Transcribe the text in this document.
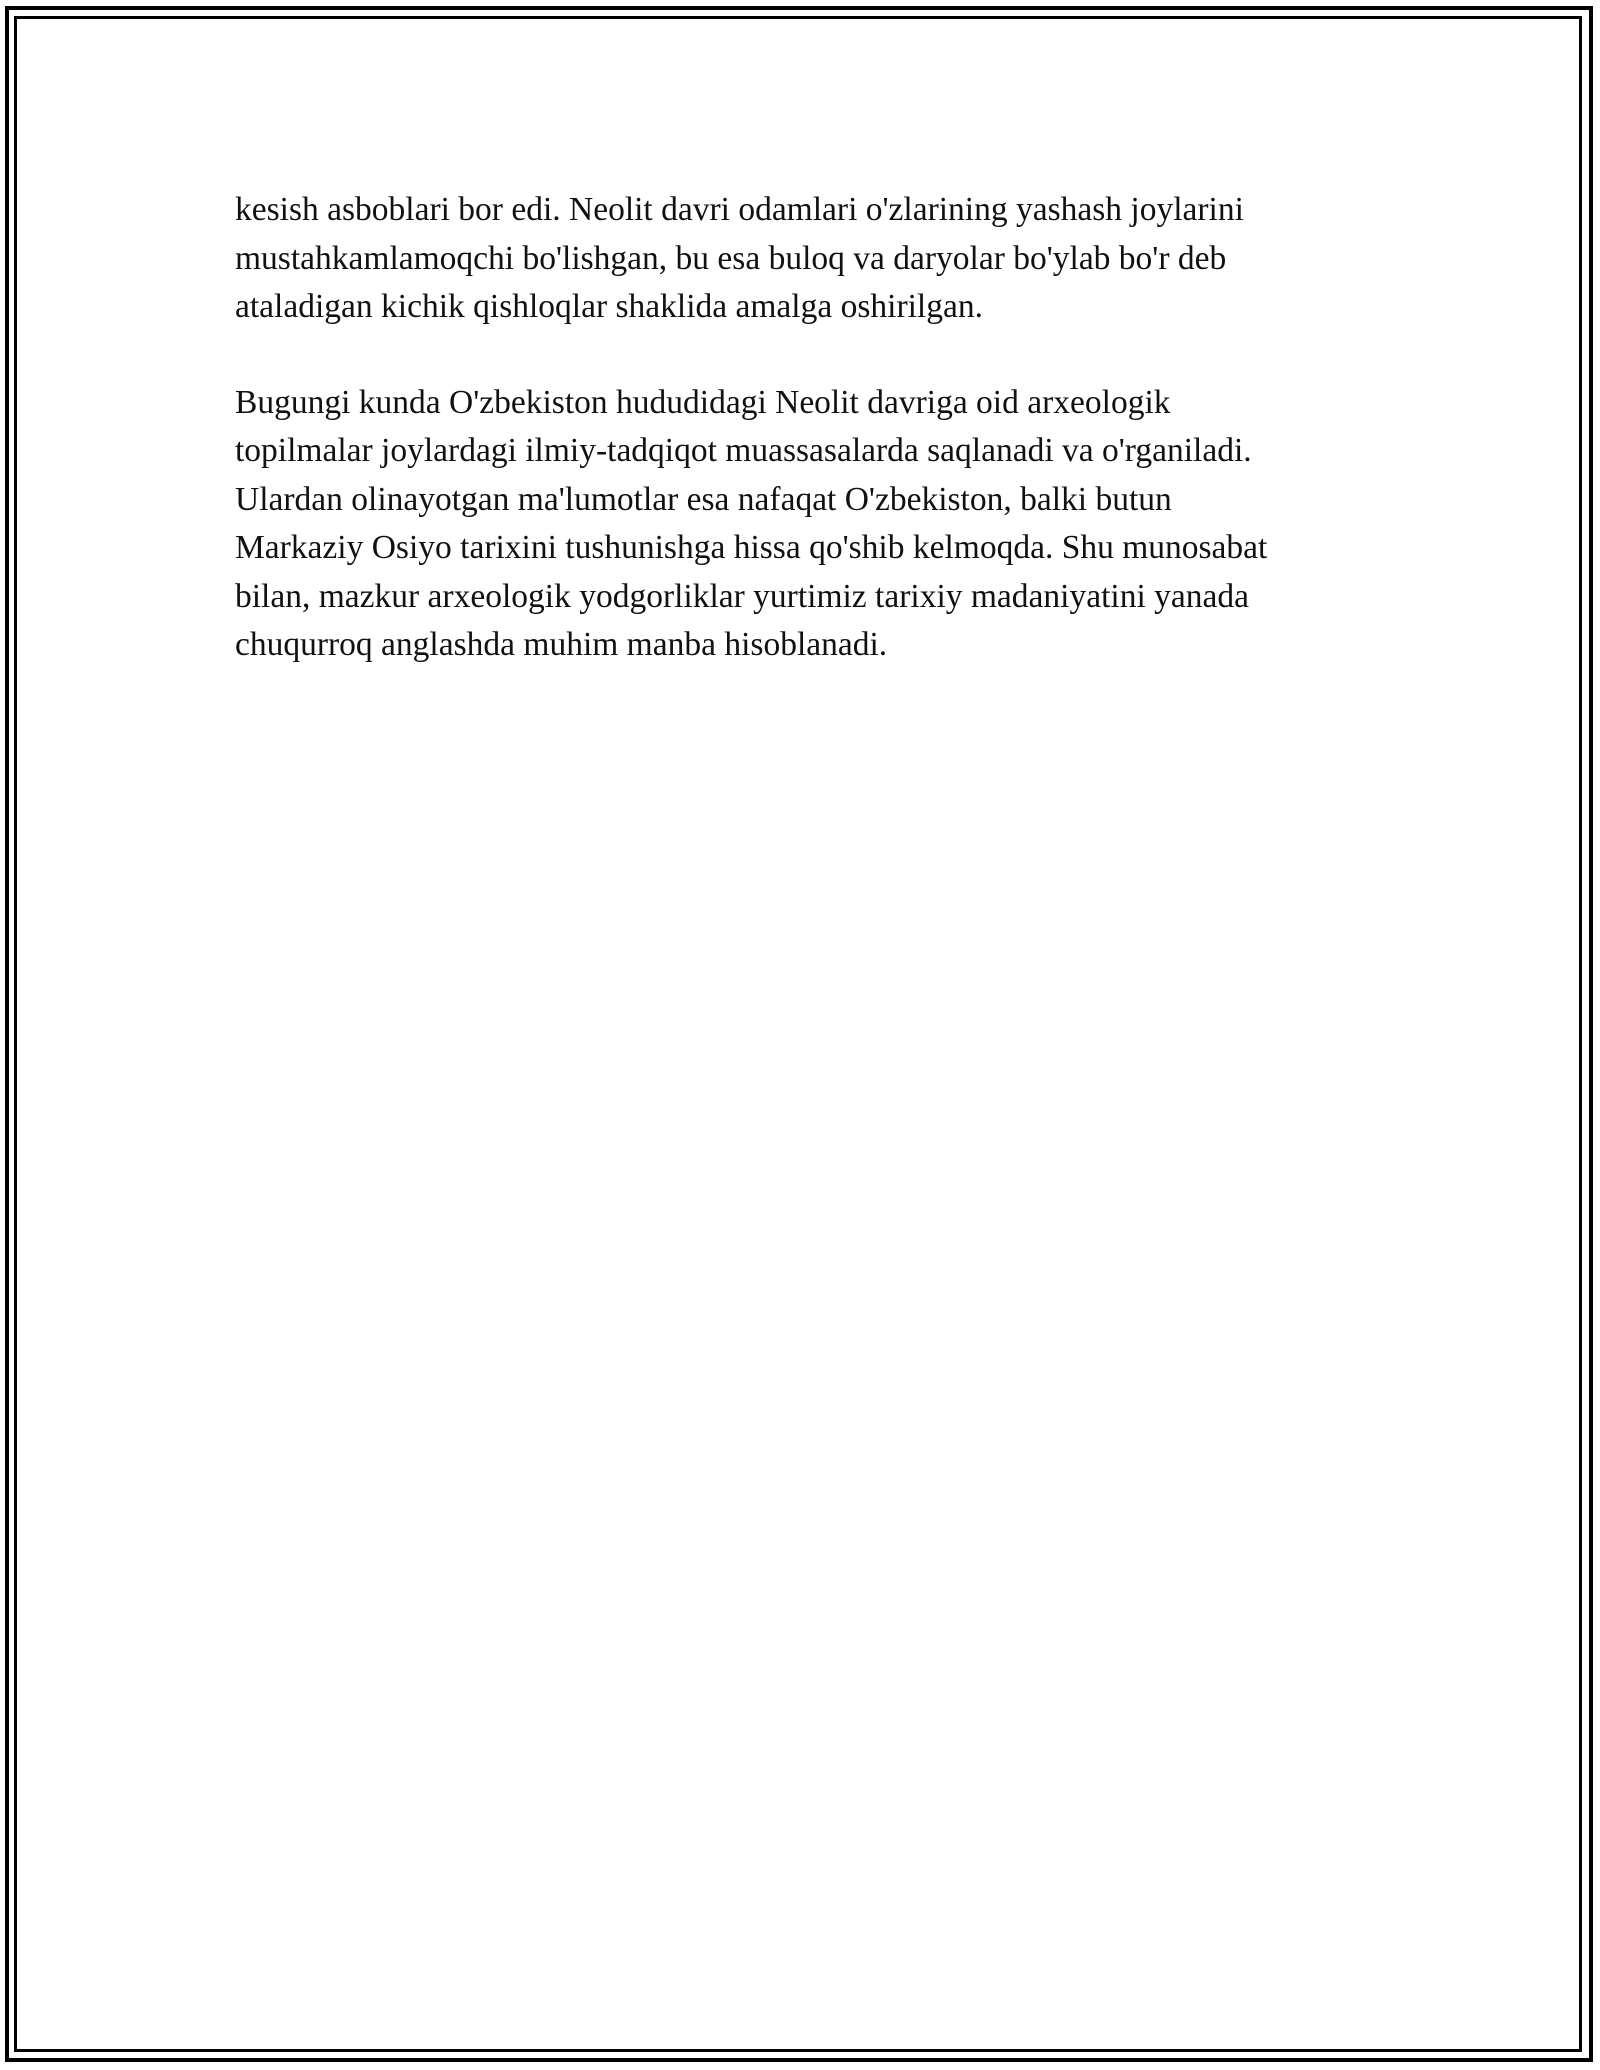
kesish asboblari bor edi. Neolit davri odamlari o'zlarining yashash joylarini
mustahkamlamoqchi bo'lishgan, bu esa buloq va daryolar bo'ylab bo'r deb
ataladigan kichik qishloqlar shaklida amalga oshirilgan.

Bugungi kunda O'zbekiston hududidagi Neolit davriga oid arxeologik
topilmalar joylardagi ilmiy-tadqiqot muassasalarda saqlanadi va o'rganiladi.
Ulardan olinayotgan ma'lumotlar esa nafaqat O'zbekiston, balki butun
Markaziy Osiyo tarixini tushunishga hissa qo'shib kelmoqda. Shu munosabat
bilan, mazkur arxeologik yodgorliklar yurtimiz tarixiy madaniyatini yanada
chuqurroq anglashda muhim manba hisoblanadi.
